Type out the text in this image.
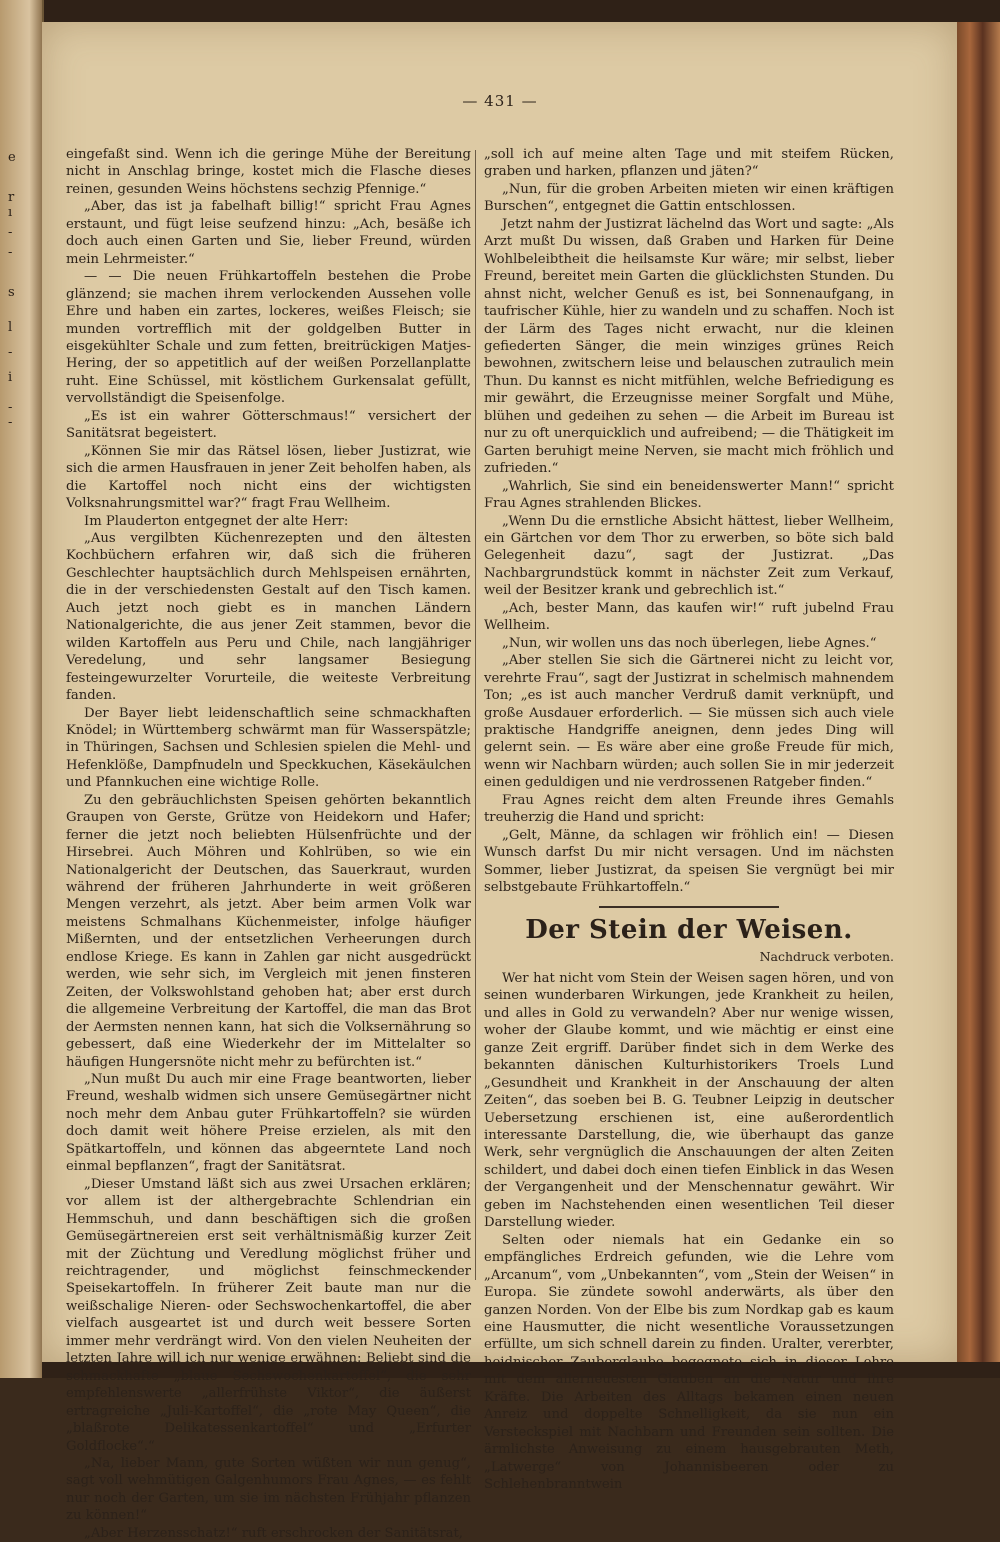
e
r
ı
-
-
s
l
-
i
-
-
— 431 —

eingefaßt sind. Wenn ich die geringe Mühe der Bereitung nicht in Anschlag bringe, kostet mich die Flasche dieses reinen, gesunden Weins höchstens sechzig Pfennige.“

„Aber, das ist ja fabelhaft billig!“ spricht Frau Agnes erstaunt, und fügt leise seufzend hinzu: „Ach, besäße ich doch auch einen Garten und Sie, lieber Freund, würden mein Lehrmeister.“

— — Die neuen Frühkartoffeln bestehen die Probe glänzend; sie machen ihrem verlockenden Aussehen volle Ehre und haben ein zartes, lockeres, weißes Fleisch; sie munden vortrefflich mit der goldgelben Butter in eisgekühlter Schale und zum fetten, breitrückigen Matjes-Hering, der so appetitlich auf der weißen Porzellanplatte ruht. Eine Schüssel, mit köstlichem Gurkensalat gefüllt, vervollständigt die Speisenfolge.

„Es ist ein wahrer Götterschmaus!“ versichert der Sanitätsrat begeistert.

„Können Sie mir das Rätsel lösen, lieber Justizrat, wie sich die armen Hausfrauen in jener Zeit beholfen haben, als die Kartoffel noch nicht eins der wichtigsten Volksnahrungsmittel war?“ fragt Frau Wellheim.

Im Plauderton entgegnet der alte Herr:

„Aus vergilbten Küchenrezepten und den ältesten Kochbüchern erfahren wir, daß sich die früheren Geschlechter hauptsächlich durch Mehlspeisen ernährten, die in der verschiedensten Gestalt auf den Tisch kamen. Auch jetzt noch giebt es in manchen Ländern Nationalgerichte, die aus jener Zeit stammen, bevor die wilden Kartoffeln aus Peru und Chile, nach langjähriger Veredelung, und sehr langsamer Besiegung festeingewurzelter Vorurteile, die weiteste Verbreitung fanden.

Der Bayer liebt leidenschaftlich seine schmackhaften Knödel; in Württemberg schwärmt man für Wasserspätzle; in Thüringen, Sachsen und Schlesien spielen die Mehl- und Hefenklöße, Dampfnudeln und Speckkuchen, Käsekäulchen und Pfannkuchen eine wichtige Rolle.

Zu den gebräuchlichsten Speisen gehörten bekanntlich Graupen von Gerste, Grütze von Heidekorn und Hafer; ferner die jetzt noch beliebten Hülsenfrüchte und der Hirsebrei. Auch Möhren und Kohlrüben, so wie ein Nationalgericht der Deutschen, das Sauerkraut, wurden während der früheren Jahrhunderte in weit größeren Mengen verzehrt, als jetzt. Aber beim armen Volk war meistens Schmalhans Küchenmeister, infolge häufiger Mißernten, und der entsetzlichen Verheerungen durch endlose Kriege. Es kann in Zahlen gar nicht ausgedrückt werden, wie sehr sich, im Vergleich mit jenen finsteren Zeiten, der Volkswohlstand gehoben hat; aber erst durch die allgemeine Verbreitung der Kartoffel, die man das Brot der Aermsten nennen kann, hat sich die Volksernährung so gebessert, daß eine Wiederkehr der im Mittelalter so häufigen Hungersnöte nicht mehr zu befürchten ist.“

„Nun mußt Du auch mir eine Frage beantworten, lieber Freund, weshalb widmen sich unsere Gemüsegärtner nicht noch mehr dem Anbau guter Frühkartoffeln? sie würden doch damit weit höhere Preise erzielen, als mit den Spätkartoffeln, und können das abgeerntete Land noch einmal bepflanzen“, fragt der Sanitätsrat.

„Dieser Umstand läßt sich aus zwei Ursachen erklären; vor allem ist der althergebrachte Schlendrian ein Hemmschuh, und dann beschäftigen sich die großen Gemüsegärtnereien erst seit verhältnismäßig kurzer Zeit mit der Züchtung und Veredlung möglichst früher und reichtragender, und möglichst feinschmeckender Speisekartoffeln. In früherer Zeit baute man nur die weißschalige Nieren- oder Sechswochenkartoffel, die aber vielfach ausgeartet ist und durch weit bessere Sorten immer mehr verdrängt wird. Von den vielen Neuheiten der letzten Jahre will ich nur wenige erwähnen: Beliebt sind die schmackhafte „blaue Sechswochenkartoffel“, die sehr empfehlenswerte „allerfrühste Viktor“, die äußerst ertragreiche „Juli-Kartoffel“, die „rote May Queen“, die „blaßrote Delikatessenkartoffel“ und „Erfurter Goldflocke“.“

„Na, lieber Mann, gute Sorten wüßten wir nun genug“, sagt voll wehmütigen Galgenhumors Frau Agnes, — es fehlt nur noch der Garten, um sie im nächsten Frühjahr pflanzen zu können!“

„Aber Herzensschatz!“ ruft erschrocken der Sanitätsrat,

„soll ich auf meine alten Tage und mit steifem Rücken, graben und harken, pflanzen und jäten?“

„Nun, für die groben Arbeiten mieten wir einen kräftigen Burschen“, entgegnet die Gattin entschlossen.

Jetzt nahm der Justizrat lächelnd das Wort und sagte: „Als Arzt mußt Du wissen, daß Graben und Harken für Deine Wohlbeleibtheit die heilsamste Kur wäre; mir selbst, lieber Freund, bereitet mein Garten die glücklichsten Stunden. Du ahnst nicht, welcher Genuß es ist, bei Sonnenaufgang, in taufrischer Kühle, hier zu wandeln und zu schaffen. Noch ist der Lärm des Tages nicht erwacht, nur die kleinen gefiederten Sänger, die mein winziges grünes Reich bewohnen, zwitschern leise und belauschen zutraulich mein Thun. Du kannst es nicht mitfühlen, welche Befriedigung es mir gewährt, die Erzeugnisse meiner Sorgfalt und Mühe, blühen und gedeihen zu sehen — die Arbeit im Bureau ist nur zu oft unerquicklich und aufreibend; — die Thätigkeit im Garten beruhigt meine Nerven, sie macht mich fröhlich und zufrieden.“

„Wahrlich, Sie sind ein beneidenswerter Mann!“ spricht Frau Agnes strahlenden Blickes.

„Wenn Du die ernstliche Absicht hättest, lieber Wellheim, ein Gärtchen vor dem Thor zu erwerben, so böte sich bald Gelegenheit dazu“, sagt der Justizrat. „Das Nachbargrundstück kommt in nächster Zeit zum Verkauf, weil der Besitzer krank und gebrechlich ist.“

„Ach, bester Mann, das kaufen wir!“ ruft jubelnd Frau Wellheim.

„Nun, wir wollen uns das noch überlegen, liebe Agnes.“

„Aber stellen Sie sich die Gärtnerei nicht zu leicht vor, verehrte Frau“, sagt der Justizrat in schelmisch mahnendem Ton; „es ist auch mancher Verdruß damit verknüpft, und große Ausdauer erforderlich. — Sie müssen sich auch viele praktische Handgriffe aneignen, denn jedes Ding will gelernt sein. — Es wäre aber eine große Freude für mich, wenn wir Nachbarn würden; auch sollen Sie in mir jederzeit einen geduldigen und nie verdrossenen Ratgeber finden.“

Frau Agnes reicht dem alten Freunde ihres Gemahls treuherzig die Hand und spricht:

„Gelt, Männe, da schlagen wir fröhlich ein! — Diesen Wunsch darfst Du mir nicht versagen. Und im nächsten Sommer, lieber Justizrat, da speisen Sie vergnügt bei mir selbstgebaute Frühkartoffeln.“

Der Stein der Weisen.
Nachdruck verboten.

Wer hat nicht vom Stein der Weisen sagen hören, und von seinen wunderbaren Wirkungen, jede Krankheit zu heilen, und alles in Gold zu verwandeln? Aber nur wenige wissen, woher der Glaube kommt, und wie mächtig er einst eine ganze Zeit ergriff. Darüber findet sich in dem Werke des bekannten dänischen Kulturhistorikers Troels Lund „Gesundheit und Krankheit in der Anschauung der alten Zeiten“, das soeben bei B. G. Teubner Leipzig in deutscher Uebersetzung erschienen ist, eine außerordentlich interessante Darstellung, die, wie überhaupt das ganze Werk, sehr vergnüglich die Anschauungen der alten Zeiten schildert, und dabei doch einen tiefen Einblick in das Wesen der Vergangenheit und der Menschennatur gewährt. Wir geben im Nachstehenden einen wesentlichen Teil dieser Darstellung wieder.

Selten oder niemals hat ein Gedanke ein so empfängliches Erdreich gefunden, wie die Lehre vom „Arcanum“, vom „Unbekannten“, vom „Stein der Weisen“ in Europa. Sie zündete sowohl anderwärts, als über den ganzen Norden. Von der Elbe bis zum Nordkap gab es kaum eine Hausmutter, die nicht wesentliche Voraussetzungen erfüllte, um sich schnell darein zu finden. Uralter, vererbter, heidnischer Zauberglaube begegnete sich in dieser Lehre mit dem allerneuesten Glauben an die Natur und ihre Kräfte. Die Arbeiten des Alltags bekamen einen neuen Anreiz und doppelte Schnelligkeit, da sie nun ein Versteckspiel mit Nachbarn und Freunden sein sollten. Die ärmlichste Anweisung zu einem hausgebrauten Meth, „Latwerge“ von Johannisbeeren oder zu Schlehenbranntwein
